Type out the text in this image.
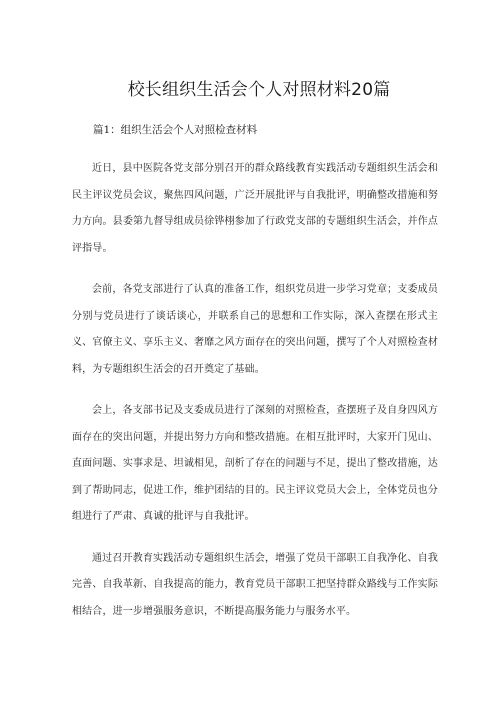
校长组织生活会个人对照材料20篇

篇1：组织生活会个人对照检查材料

近日，县中医院各党支部分别召开的群众路线教育实践活动专题组织生活会和民主评议党员会议，聚焦四风问题，广泛开展批评与自我批评，明确整改措施和努力方向。县委第九督导组成员徐铧栩参加了行政党支部的专题组织生活会，并作点评指导。

会前，各党支部进行了认真的准备工作，组织党员进一步学习党章；支委成员分别与党员进行了谈话谈心，并联系自己的思想和工作实际，深入查摆在形式主义、官僚主义、享乐主义、奢靡之风方面存在的突出问题，撰写了个人对照检查材料，为专题组织生活会的召开奠定了基础。

会上，各支部书记及支委成员进行了深刻的对照检查，查摆班子及自身四风方面存在的突出问题，并提出努力方向和整改措施。在相互批评时，大家开门见山、直面问题、实事求是、坦诚相见，剖析了存在的问题与不足，提出了整改措施，达到了帮助同志，促进工作，维护团结的目的。民主评议党员大会上，全体党员也分组进行了严肃、真诚的批评与自我批评。

通过召开教育实践活动专题组织生活会，增强了党员干部职工自我净化、自我完善、自我革新、自我提高的能力，教育党员干部职工把坚持群众路线与工作实际相结合，进一步增强服务意识，不断提高服务能力与服务水平。
